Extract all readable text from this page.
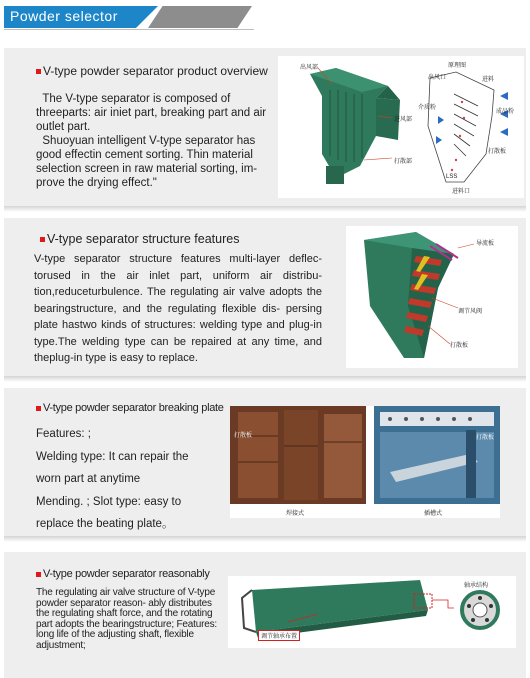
Powder selector
V-type powder separator product overview
The V-type separator is composed of threeparts: air iniet part, breaking part and air outlet part.
Shuoyuan intelligent V-type separator has good effectin cement sorting. Thin material selection screen in raw material sorting, im- prove the drying effect."
出风部
进风部
打散部
原理图
出风口	进料
介质粉
成品粉
打散板
LSS
进料口
V-type separator structure features
V-type separator structure features multi-layer deflec- torused in the air inlet part, uniform air distribu- tion,reduceturbulence. The regulating air valve adopts the bearingstructure, and the regulating flexible dis- persing plate hastwo kinds of structures: welding type and plug-in type.The welding type can be repaired at any time, and theplug-in type is easy to replace.
导流板
调节风阀
打散板
V-type powder separator breaking plate
Features: ;
Welding type: It can repair the
worn part at anytime
Mending. ; Slot type: easy to
replace the beating plate。
打散板	打散板
焊接式	插槽式
V-type powder separator reasonably
The regulating air valve structure of V-type powder separator reason- ably distributes the regulating shaft force, and the rotating part adopts the bearingstructure; Features: long life of the adjusting shaft, flexible adjustment;
轴承结构
调节轴承布置
